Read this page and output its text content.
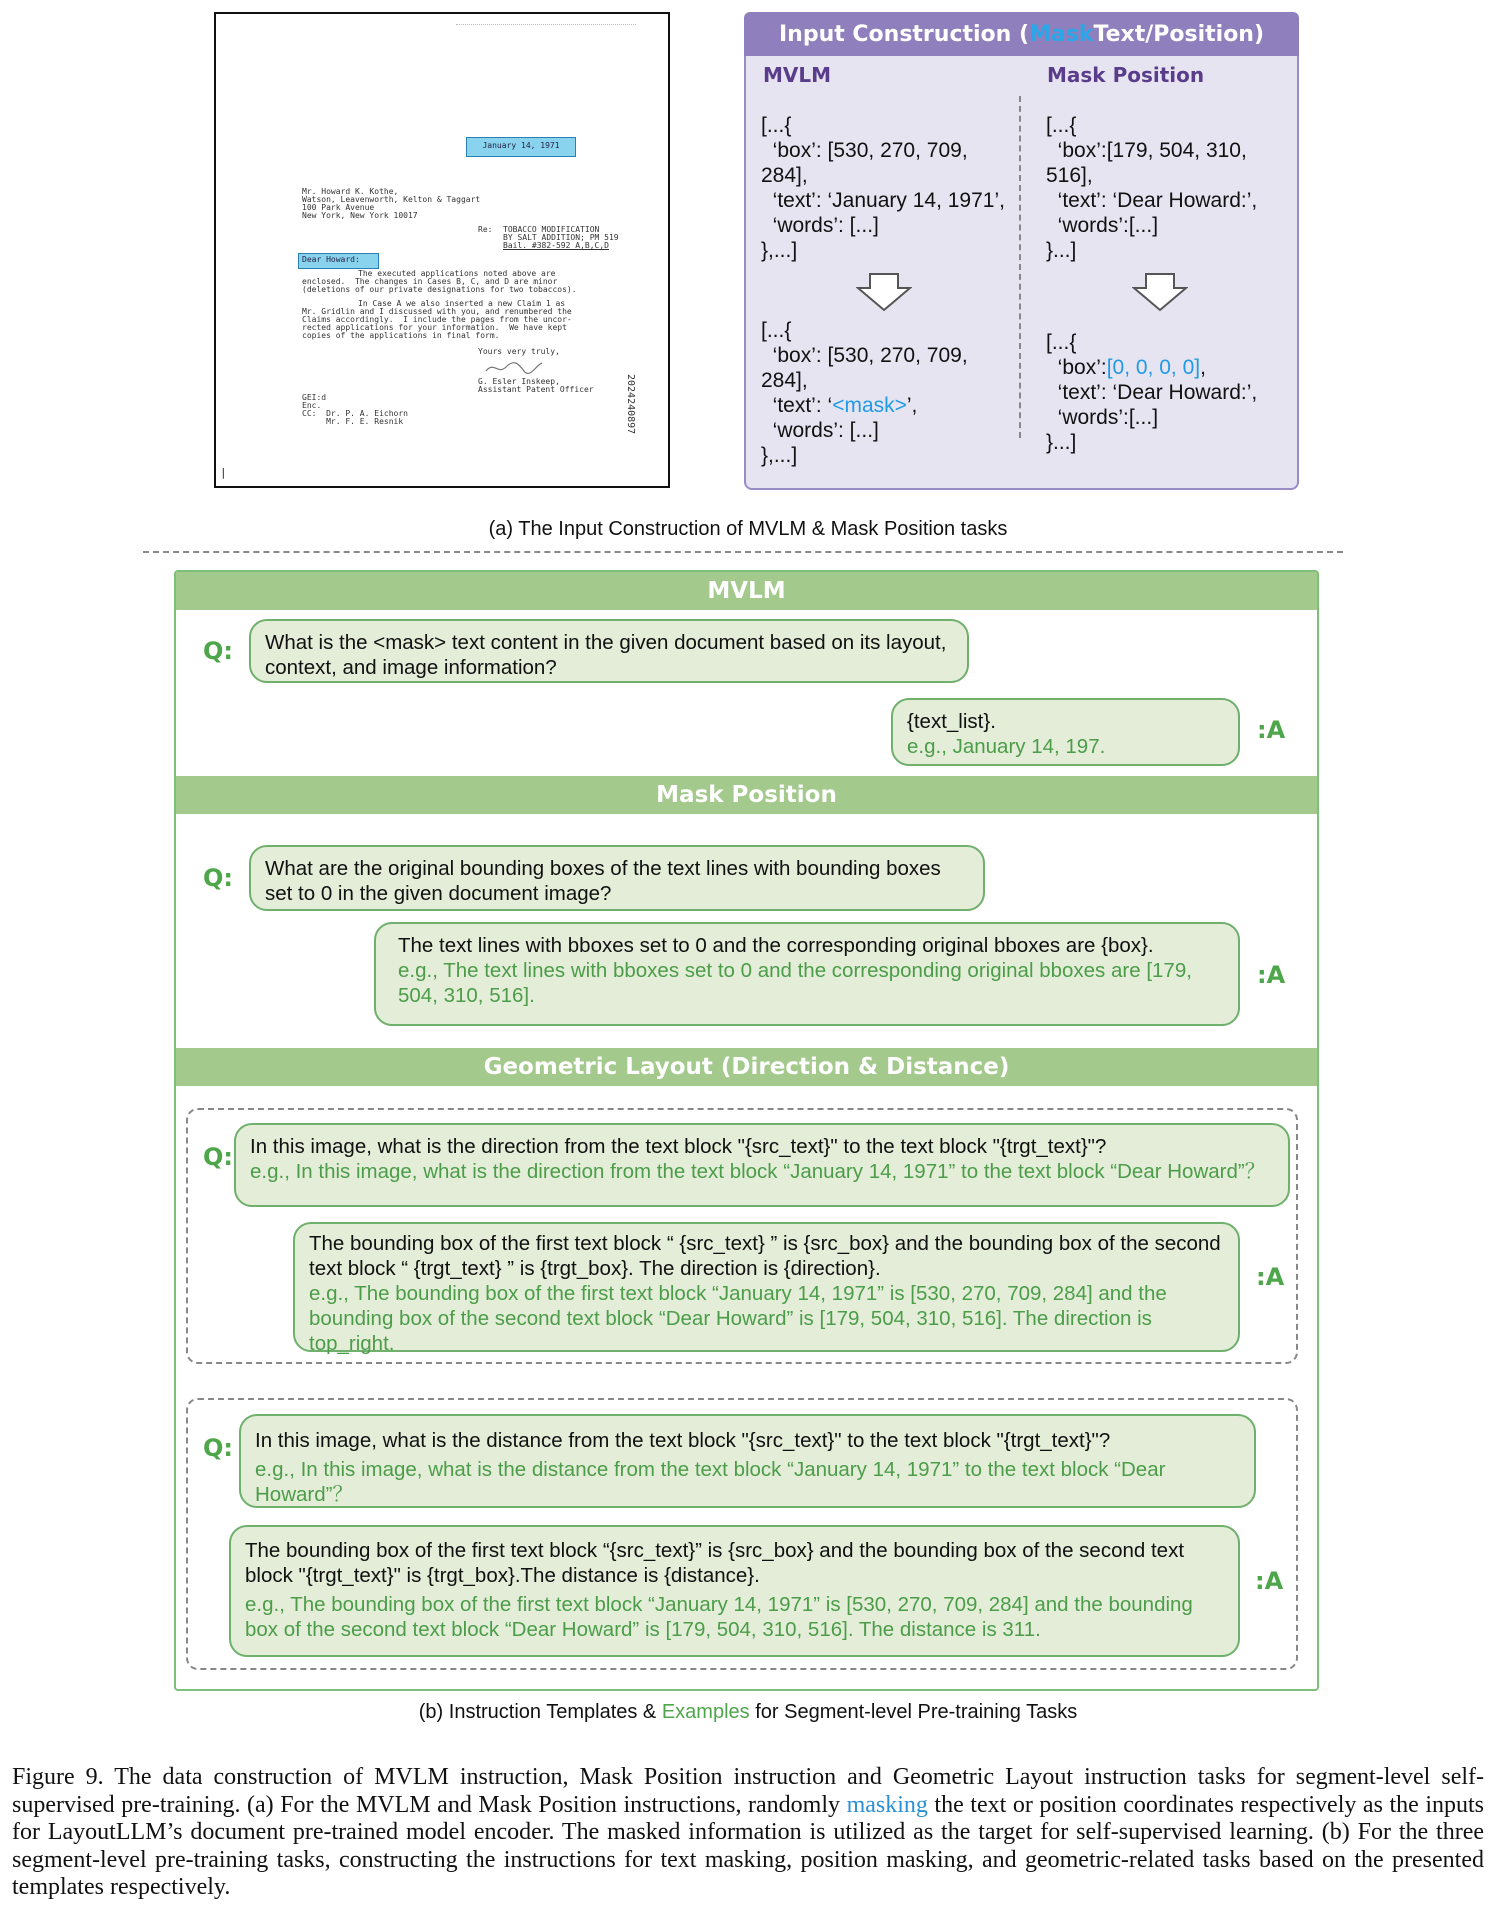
January 14, 1971
Mr. Howard K. Kothe,
Watson, Leavenworth, Kelton & Taggart
100 Park Avenue
New York, New York 10017
Re: TOBACCO MODIFICATION
BY SALT ADDITION; PM 519
Bail. #382-592 A,B,C,D
Dear Howard:
The executed applications noted above are
enclosed.  The changes in Cases B, C, and D are minor
(deletions of our private designations for two tobaccos).
In Case A we also inserted a new Claim 1 as
Mr. Gridlin and I discussed with you, and renumbered the
Claims accordingly.  I include the pages from the uncor-
rected applications for your information.  We have kept
copies of the applications in final form.
Yours very truly,
G. Esler Inskeep,
Assistant Patent Officer
GEI:d
Enc.
CC:  Dr. P. A. Eichorn
Mr. F. E. Resnik	2024240897
|
Input Construction ( Mask Text/Position)
MVLM	Mask Position
[...{
‘box’: [530, 270, 709,
284],
‘text’: ‘January 14, 1971’,
‘words’: [...]
},...]
[...{
‘box’: [530, 270, 709,
284],
‘text’: ‘<mask>’,
‘words’: [...]
},...]
[...{
‘box’:[179, 504, 310,
516],
‘text’: ‘Dear Howard:’,
‘words’:[...]
}...]
[...{
‘box’:[0, 0, 0, 0],
‘text’: ‘Dear Howard:’,
‘words’:[...]
}...]
(a) The Input Construction of MVLM & Mask Position tasks
MVLM
Q:	What is the <mask> text content in the given document based on its layout, context, and image information?
{text_list}.
e.g., January 14, 197.
:A
Mask Position
Q:	What are the original bounding boxes of the text lines with bounding boxes set to 0 in the given document image?
The text lines with bboxes set to 0 and the corresponding original bboxes are {box}.
e.g., The text lines with bboxes set to 0 and the corresponding original bboxes are [179, 504, 310, 516].
:A
Geometric Layout (Direction & Distance)
Q: In this image, what is the direction from the text block "{src_text}" to the text block "{trgt_text}"?
e.g., In this image, what is the direction from the text block “January 14, 1971” to the text block “Dear Howard”？
The bounding box of the first text block “ {src_text} ” is {src_box} and the bounding box of the second text block “ {trgt_text} ” is {trgt_box}. The direction is {direction}.
e.g., The bounding box of the first text block “January 14, 1971” is [530, 270, 709, 284] and the bounding box of the second text block “Dear Howard” is [179, 504, 310, 516]. The direction is top_right.
:A
Q:	In this image, what is the distance from the text block "{src_text}" to the text block "{trgt_text}"?
e.g., In this image, what is the distance from the text block “January 14, 1971” to the text block “Dear Howard”？
The bounding box of the first text block “{src_text}” is {src_box} and the bounding box of the second text block "{trgt_text}" is {trgt_box}.The distance is {distance}.
e.g., The bounding box of the first text block “January 14, 1971” is [530, 270, 709, 284] and the bounding box of the second text block “Dear Howard” is [179, 504, 310, 516]. The distance is 311.
:A
(b) Instruction Templates & Examples for Segment-level Pre-training Tasks
Figure 9. The data construction of MVLM instruction, Mask Position instruction and Geometric Layout instruction tasks for segment-level self-supervised pre-training. (a) For the MVLM and Mask Position instructions, randomly masking the text or position coordinates respectively as the inputs for LayoutLLM’s document pre-trained model encoder. The masked information is utilized as the target for self-supervised learning. (b) For the three segment-level pre-training tasks, constructing the instructions for text masking, position masking, and geometric-related tasks based on the presented templates respectively.
